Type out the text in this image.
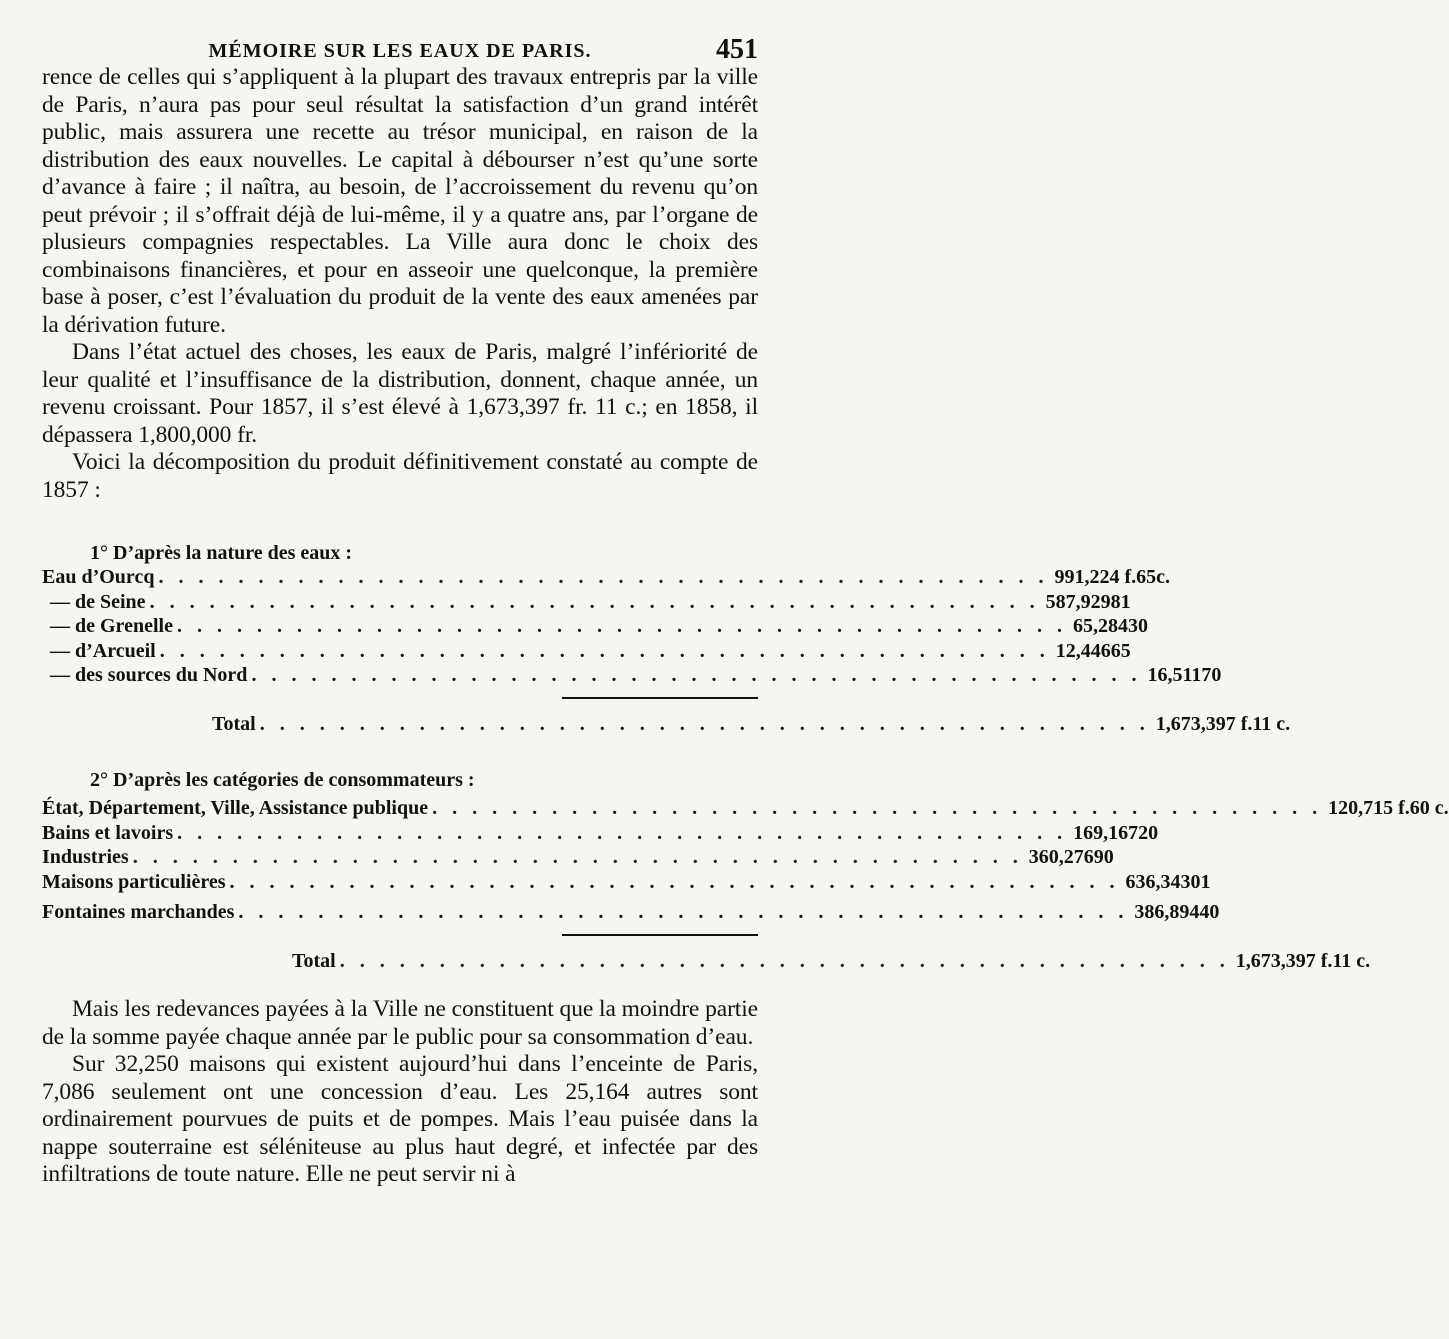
MÉMOIRE SUR LES EAUX DE PARIS.	451

rence de celles qui s’appliquent à la plupart des travaux entrepris par la ville de Paris, n’aura pas pour seul résultat la satisfaction d’un grand intérêt public, mais assurera une recette au trésor municipal, en raison de la distribution des eaux nouvelles. Le capital à débourser n’est qu’une sorte d’avance à faire ; il naîtra, au besoin, de l’accroissement du revenu qu’on peut prévoir ; il s’offrait déjà de lui-même, il y a quatre ans, par l’organe de plusieurs compagnies respectables. La Ville aura donc le choix des combinaisons financières, et pour en asseoir une quelconque, la première base à poser, c’est l’évaluation du produit de la vente des eaux amenées par la dérivation future.

Dans l’état actuel des choses, les eaux de Paris, malgré l’infériorité de leur qualité et l’insuffisance de la distribution, donnent, chaque année, un revenu croissant. Pour 1857, il s’est élevé à 1,673,397 fr. 11 c.; en 1858, il dépassera 1,800,000 fr.

Voici la décomposition du produit définitivement constaté au compte de 1857 :

1° D’après la nature des eaux :
Eau d’Ourcq . . . . . . . . . . . . . . . . . . . . . . . . . . . . . . . . . . . . . . . . . . . . . 991,224 f. 65c.
— de Seine . . . . . . . . . . . . . . . . . . . . . . . . . . . . . . . . . . . . . . . . . . . . . 587,929 81
— de Grenelle . . . . . . . . . . . . . . . . . . . . . . . . . . . . . . . . . . . . . . . . . . . . . 65,284 30
— d’Arcueil . . . . . . . . . . . . . . . . . . . . . . . . . . . . . . . . . . . . . . . . . . . . . 12,446 65
— des sources du Nord . . . . . . . . . . . . . . . . . . . . . . . . . . . . . . . . . . . . . . . . . . . . . 16,511 70
Total . . . . . . . . . . . . . . . . . . . . . . . . . . . . . . . . . . . . . . . . . . . . . 1,673,397 f. 11 c.
2° D’après les catégories de consommateurs :
État, Département, Ville, Assistance publique . . . . . . . . . . . . . . . . . . . . . . . . . . . . . . . . . . . . . . . . . . . . . 120,715 f. 60 c.
Bains et lavoirs . . . . . . . . . . . . . . . . . . . . . . . . . . . . . . . . . . . . . . . . . . . . . 169,167 20
Industries . . . . . . . . . . . . . . . . . . . . . . . . . . . . . . . . . . . . . . . . . . . . . 360,276 90
Maisons particulières . . . . . . . . . . . . . . . . . . . . . . . . . . . . . . . . . . . . . . . . . . . . . 636,343 01
Fontaines marchandes . . . . . . . . . . . . . . . . . . . . . . . . . . . . . . . . . . . . . . . . . . . . . 386,894 40
Total . . . . . . . . . . . . . . . . . . . . . . . . . . . . . . . . . . . . . . . . . . . . . 1,673,397 f. 11 c.

Mais les redevances payées à la Ville ne constituent que la moindre partie de la somme payée chaque année par le public pour sa consommation d’eau.

Sur 32,250 maisons qui existent aujourd’hui dans l’enceinte de Paris, 7,086 seulement ont une concession d’eau. Les 25,164 autres sont ordinairement pourvues de puits et de pompes. Mais l’eau puisée dans la nappe souterraine est séléniteuse au plus haut degré, et infectée par des infiltrations de toute nature. Elle ne peut servir ni à
